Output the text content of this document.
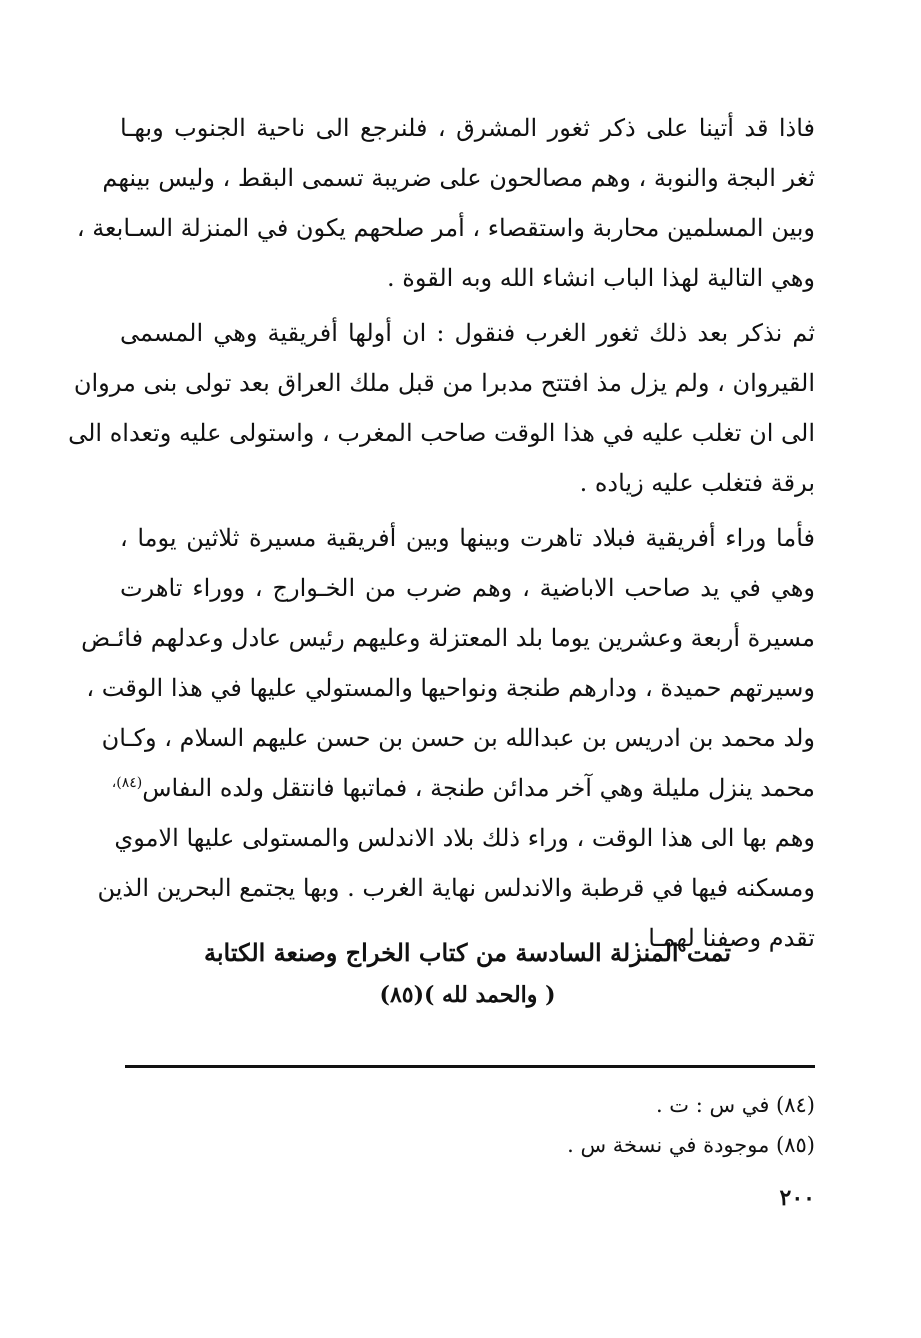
فاذا قد أتينا على ذكر ثغور المشرق ، فلنرجع الى ناحية الجنوب وبهـا
ثغر البجة والنوبة ، وهم مصالحون على ضريبة تسمى البقط ، وليس بينهم
وبين المسلمين محاربة واستقصاء ، أمر صلحهم يكون في المنزلة السـابعة ،
وهي التالية لهذا الباب انشاء الله وبه القوة .
ثم نذكر بعد ذلك ثغور الغرب فنقول : ان أولها أفريقية وهي المسمى
القيروان ، ولم يزل مذ افتتح مدبرا من قبل ملك العراق بعد تولى بنى مروان
الى ان تغلب عليه في هذا الوقت صاحب المغرب ، واستولى عليه وتعداه الى
برقة فتغلب عليه زياده .
فأما وراء أفريقية فبلاد تاهرت وبينها وبين أفريقية مسيرة ثلاثين يوما ،
وهي في يد صاحب الاباضية ، وهم ضرب من الخـوارج ، ووراء تاهرت
مسيرة أربعة وعشرين يوما بلد المعتزلة وعليهم رئيس عادل وعدلهم فائـض
وسيرتهم حميدة ، ودارهم طنجة ونواحيها والمستولي عليها في هذا الوقت ،
ولد محمد بن ادريس بن عبدالله بن حسن بن حسن عليهم السلام ، وكـان
محمد ينزل مليلة وهي آخر مدائن طنجة ، فماتبها فانتقل ولده الىفاس$^{(٨٤)،}$
وهم بها الى هذا الوقت ، وراء ذلك بلاد الاندلس والمستولى عليها الاموي
ومسكنه فيها في قرطبة والاندلس نهاية الغرب . وبها يجتمع البحرين الذين
تقدم وصفنا لهمـا .
تمت المنزلة السادسة من كتاب الخراج وصنعة الكتابة
( والحمد لله )(٨٥)
(٨٤) في س : ت .
(٨٥) موجودة في نسخة س .
٢٠٠
